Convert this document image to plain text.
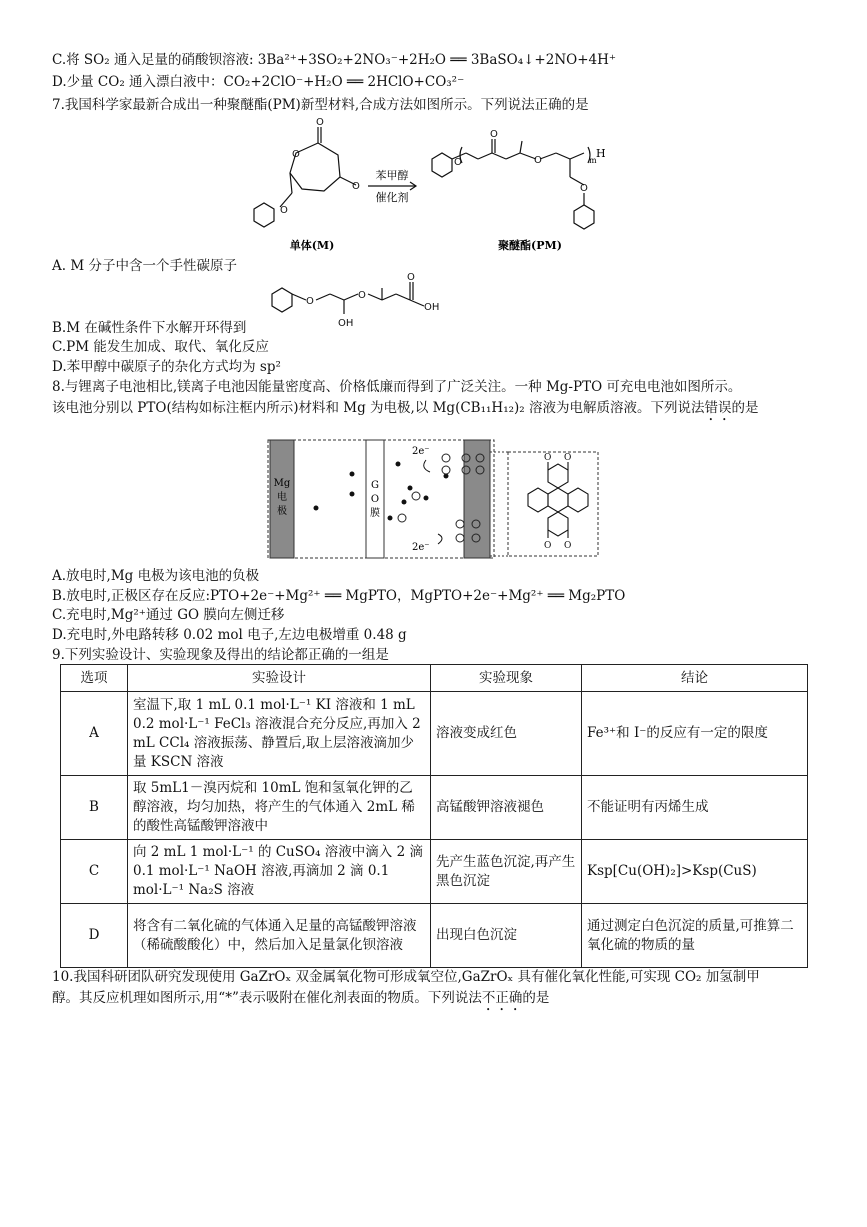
C.将 SO₂ 通入足量的硝酸钡溶液: 3Ba²⁺+3SO₂+2NO₃⁻+2H₂O ══ 3BaSO₄↓+2NO+4H⁺
D.少量 CO₂ 通入漂白液中：CO₂+2ClO⁻+H₂O ══ 2HClO+CO₃²⁻
7.我国科学家最新合成出一种聚醚酯(PM)新型材料,合成方法如图所示。下列说法正确的是
O
O
O
O
O
O
O
O
苯甲醇
催化剂
H
m
单体(M)	聚醚酯(PM)
A. M 分子中含一个手性碳原子
O
O
OH
O
OH
B.M 在碱性条件下水解开环得到
C.PM 能发生加成、取代、氧化反应
D.苯甲醇中碳原子的杂化方式均为 sp²
8.与锂离子电池相比,镁离子电池因能量密度高、价格低廉而得到了广泛关注。一种 Mg-PTO 可充电电池如图所示。
该电池分别以 PTO(结构如标注框内所示)材料和 Mg 为电极,以 Mg(CB₁₁H₁₂)₂ 溶液为电解质溶液。下列说法错误的是
Mg
电
极
G
O
膜
2e⁻
2e⁻
O O
O O
A.放电时,Mg 电极为该电池的负极
B.放电时,正极区存在反应:PTO+2e⁻+Mg²⁺ ══ MgPTO，MgPTO+2e⁻+Mg²⁺ ══ Mg₂PTO
C.充电时,Mg²⁺通过 GO 膜向左侧迁移
D.充电时,外电路转移 0.02 mol 电子,左边电极增重 0.48 g
9.下列实验设计、实验现象及得出的结论都正确的一组是
选项	实验设计	实验现象	结论
A	室温下,取 1 mL 0.1 mol·L⁻¹ KI 溶液和 1 mL 0.2 mol·L⁻¹ FeCl₃ 溶液混合充分反应,再加入 2 mL CCl₄ 溶液振荡、静置后,取上层溶液滴加少量 KSCN 溶液	溶液变成红色	Fe³⁺和 I⁻的反应有一定的限度
B	取 5mL1－溴丙烷和 10mL 饱和氢氧化钾的乙醇溶液，均匀加热，将产生的气体通入 2mL 稀的酸性高锰酸钾溶液中	高锰酸钾溶液褪色	不能证明有丙烯生成
C	向 2 mL 1 mol·L⁻¹ 的 CuSO₄ 溶液中滴入 2 滴 0.1 mol·L⁻¹ NaOH 溶液,再滴加 2 滴 0.1 mol·L⁻¹ Na₂S 溶液	先产生蓝色沉淀,再产生黑色沉淀	Ksp[Cu(OH)₂]>Ksp(CuS)
D	将含有二氧化硫的气体通入足量的高锰酸钾溶液（稀硫酸酸化）中，然后加入足量氯化钡溶液	出现白色沉淀	通过测定白色沉淀的质量,可推算二氧化硫的物质的量
10.我国科研团队研究发现使用 GaZrOₓ 双金属氧化物可形成氧空位,GaZrOₓ 具有催化氧化性能,可实现 CO₂ 加氢制甲
醇。其反应机理如图所示,用“*”表示吸附在催化剂表面的物质。下列说法不正确的是
